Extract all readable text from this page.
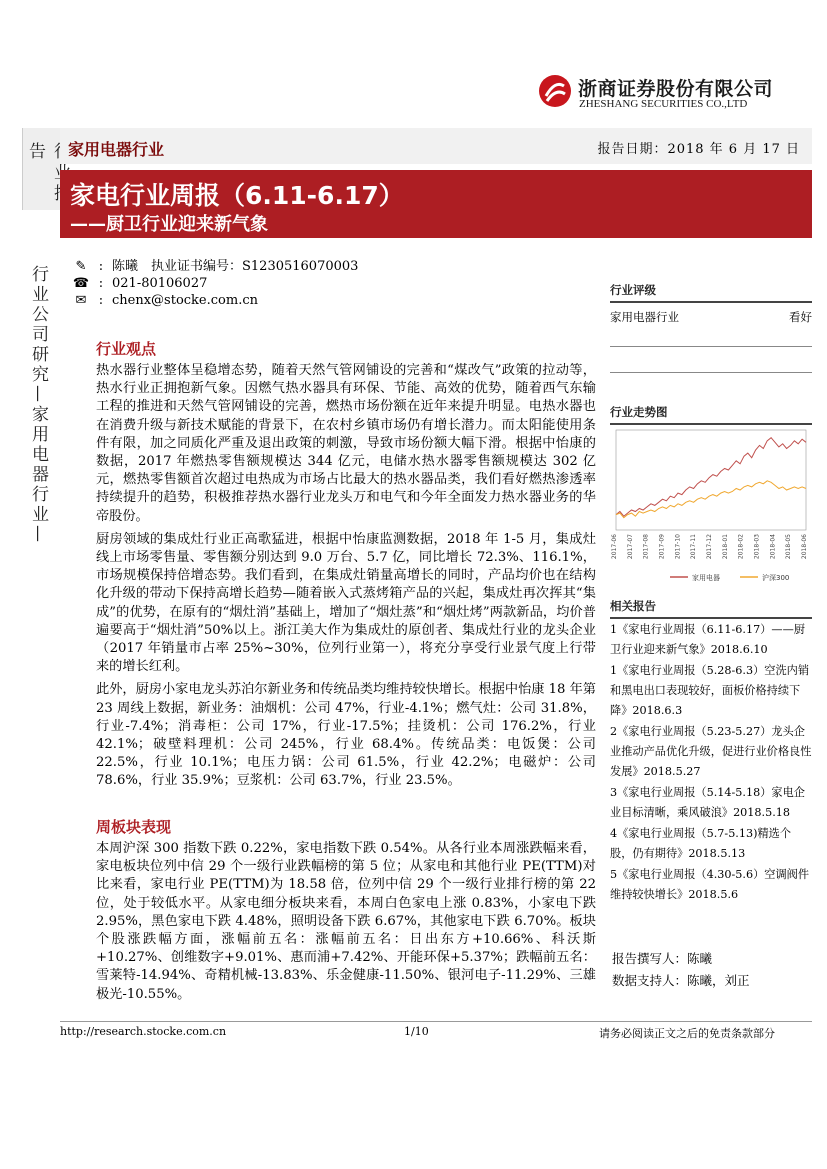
浙商证券股份有限公司
ZHESHANG SECURITIES CO.,LTD
告
行业公司研究—家用电器行业—
家用电器行业	报告日期：2018 年 6 月 17 日
家电行业周报（6.11-6.17）
——厨卫行业迎来新气象
✎ : 陈曦　执业证书编号：S1230516070003
☎ : 021-80106027
✉ : chenx@stocke.com.cn
行业观点

热水器行业整体呈稳增态势，随着天然气管网铺设的完善和“煤改气”政策的拉动等，热水行业正拥抱新气象。因燃气热水器具有环保、节能、高效的优势，随着西气东输工程的推进和天然气管网铺设的完善，燃热市场份额在近年来提升明显。电热水器也在消费升级与新技术赋能的背景下，在农村乡镇市场仍有增长潜力。而太阳能使用条件有限，加之同质化严重及退出政策的刺激，导致市场份额大幅下滑。根据中怡康的数据，2017 年燃热零售额规模达 344 亿元，电储水热水器零售额规模达 302 亿元，燃热零售额首次超过电热成为市场占比最大的热水器品类，我们看好燃热渗透率持续提升的趋势，积极推荐热水器行业龙头万和电气和今年全面发力热水器业务的华帝股份。

厨房领域的集成灶行业正高歌猛进，根据中怡康监测数据，2018 年 1-5 月，集成灶线上市场零售量、零售额分别达到 9.0 万台、5.7 亿，同比增长 72.3%、116.1%，市场规模保持倍增态势。我们看到，在集成灶销量高增长的同时，产品均价也在结构化升级的带动下保持高增长趋势—随着嵌入式蒸烤箱产品的兴起，集成灶再次挥其“集成”的优势，在原有的“烟灶消”基础上，增加了“烟灶蒸”和“烟灶烤”两款新品，均价普遍要高于“烟灶消”50%以上。浙江美大作为集成灶的原创者、集成灶行业的龙头企业（2017 年销量市占率 25%~30%，位列行业第一），将充分享受行业景气度上行带来的增长红利。

此外，厨房小家电龙头苏泊尔新业务和传统品类均维持较快增长。根据中怡康 18 年第 23 周线上数据，新业务：油烟机：公司 47%，行业-4.1%；燃气灶：公司 31.8%，行业-7.4%；消毒柜：公司 17%，行业-17.5%；挂烫机：公司 176.2%，行业 42.1%；破壁料理机：公司 245%，行业 68.4%。传统品类：电饭煲：公司 22.5%，行业 10.1%；电压力锅：公司 61.5%，行业 42.2%；电磁炉：公司 78.6%，行业 35.9%；豆浆机：公司 63.7%，行业 23.5%。

周板块表现

本周沪深 300 指数下跌 0.22%，家电指数下跌 0.54%。从各行业本周涨跌幅来看，家电板块位列中信 29 个一级行业跌幅榜的第 5 位；从家电和其他行业 PE(TTM)对比来看，家电行业 PE(TTM)为 18.58 倍，位列中信 29 个一级行业排行榜的第 22 位，处于较低水平。从家电细分板块来看，本周白色家电上涨 0.83%，小家电下跌 2.95%，黑色家电下跌 4.48%，照明设备下跌 6.67%，其他家电下跌 6.70%。板块个股涨跌幅方面，涨幅前五名：涨幅前五名：日出东方+10.66%、科沃斯+10.27%、创维数字+9.01%、惠而浦+7.42%、开能环保+5.37%；跌幅前五名：雪莱特-14.94%、奇精机械-13.83%、乐金健康-11.50%、银河电子-11.29%、三雄极光-10.55%。

行业评级
家用电器行业	看好
行业走势图
2017-06 2017-07 2017-08 2017-09 2017-10 2017-11 2017-12 2018-01 2018-02 2018-03 2018-04 2018-05 2018-06
家用电器	沪深300
相关报告
1《家电行业周报（6.11-6.17）——厨卫行业迎来新气象》2018.6.10
1《家电行业周报（5.28-6.3）空洗内销和黑电出口表现较好，面板价格持续下降》2018.6.3
2《家电行业周报（5.23-5.27）龙头企业推动产品优化升级，促进行业价格良性发展》2018.5.27
3《家电行业周报（5.14-5.18）家电企业目标清晰，乘风破浪》2018.5.18
4《家电行业周报（5.7-5.13)精选个股，仍有期待》2018.5.13
5《家电行业周报（4.30-5.6）空调阀件维持较快增长》2018.5.6
报告撰写人：陈曦
数据支持人：陈曦，刘正
http://research.stocke.com.cn	1/10	请务必阅读正文之后的免责条款部分
